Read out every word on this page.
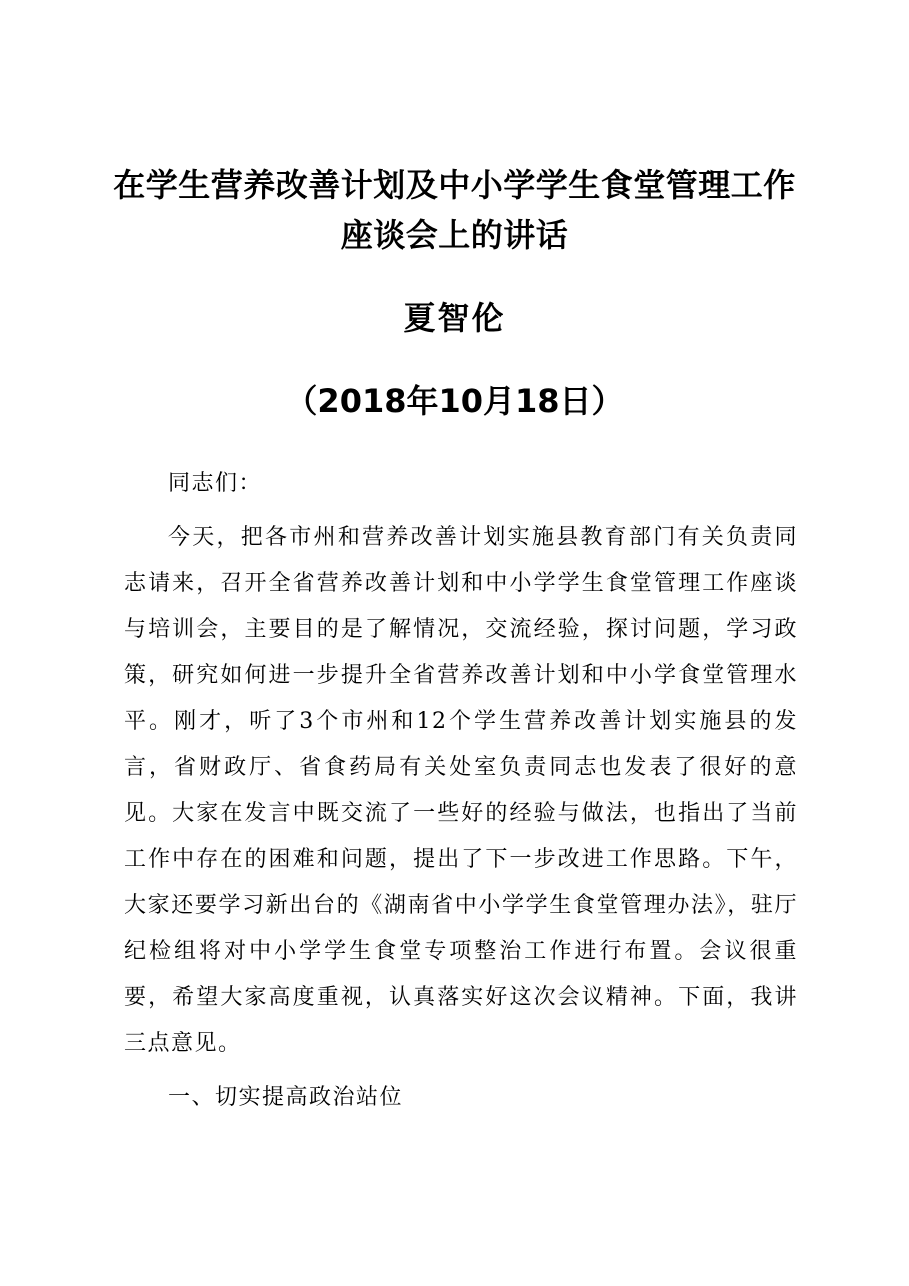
在学生营养改善计划及中小学学生食堂管理工作座谈会上的讲话
夏智伦
（2018年10月18日）

同志们：

今天，把各市州和营养改善计划实施县教育部门有关负责同志请来，召开全省营养改善计划和中小学学生食堂管理工作座谈与培训会，主要目的是了解情况，交流经验，探讨问题，学习政策，研究如何进一步提升全省营养改善计划和中小学食堂管理水平。刚才，听了3个市州和12个学生营养改善计划实施县的发言，省财政厅、省食药局有关处室负责同志也发表了很好的意见。大家在发言中既交流了一些好的经验与做法，也指出了当前工作中存在的困难和问题，提出了下一步改进工作思路。下午，大家还要学习新出台的《湖南省中小学学生食堂管理办法》，驻厅纪检组将对中小学学生食堂专项整治工作进行布置。会议很重要，希望大家高度重视，认真落实好这次会议精神。下面，我讲三点意见。

一、切实提高政治站位
